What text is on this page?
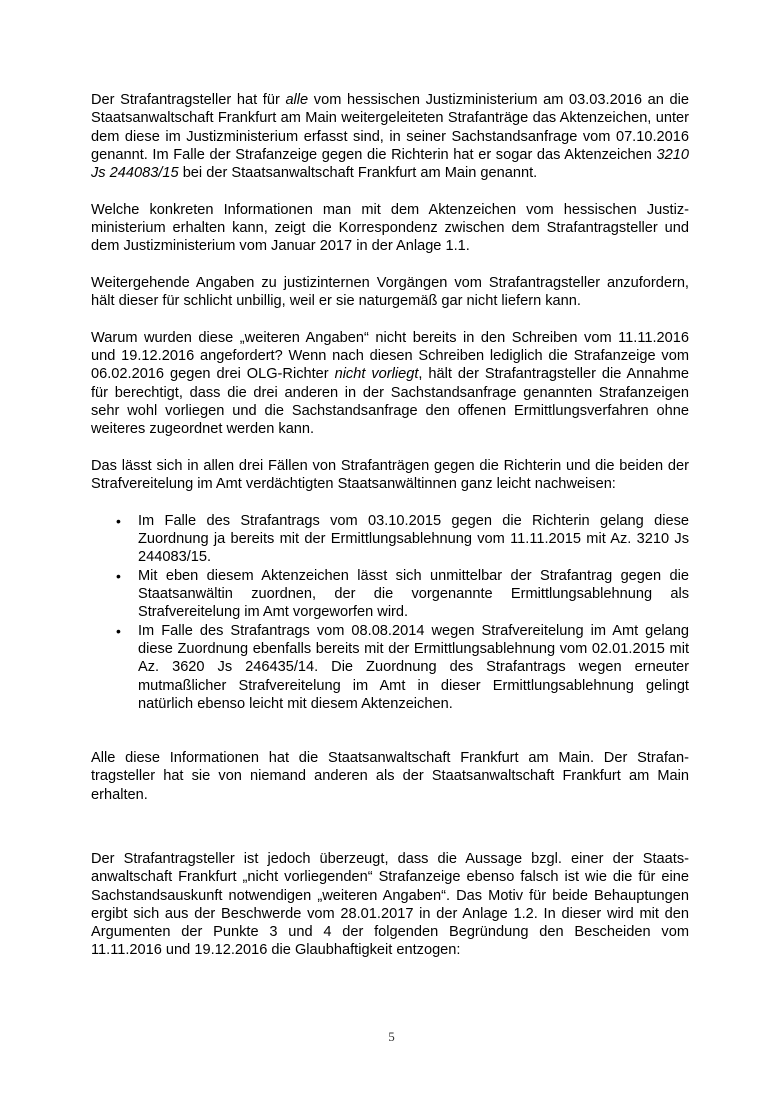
Der Strafantragsteller hat für alle vom hessischen Justizministerium am 03.03.2016 an die Staatsanwaltschaft Frankfurt am Main weitergeleiteten Strafanträge das Aktenzeichen, unter dem diese im Justizministerium erfasst sind, in seiner Sachstandsanfrage vom 07.10.2016 genannt. Im Falle der Strafanzeige gegen die Richterin hat er sogar das Aktenzeichen 3210 Js 244083/15 bei der Staatsanwaltschaft Frankfurt am Main genannt.

Welche konkreten Informationen man mit dem Aktenzeichen vom hessischen Justizministerium erhalten kann, zeigt die Korrespondenz zwischen dem Strafantragsteller und dem Justizministerium vom Januar 2017 in der Anlage 1.1.

Weitergehende Angaben zu justizinternen Vorgängen vom Strafantragsteller anzufordern, hält dieser für schlicht unbillig, weil er sie naturgemäß gar nicht liefern kann.

Warum wurden diese „weiteren Angaben“ nicht bereits in den Schreiben vom 11.11.2016 und 19.12.2016 angefordert? Wenn nach diesen Schreiben lediglich die Strafanzeige vom 06.02.2016 gegen drei OLG-Richter nicht vorliegt, hält der Strafantragsteller die Annahme für berechtigt, dass die drei anderen in der Sachstandsanfrage genannten Strafanzeigen sehr wohl vorliegen und die Sachstandsanfrage den offenen Ermittlungsverfahren ohne weiteres zugeordnet werden kann.

Das lässt sich in allen drei Fällen von Strafanträgen gegen die Richterin und die beiden der Strafvereitelung im Amt verdächtigten Staatsanwältinnen ganz leicht nachweisen:

• Im Falle des Strafantrags vom 03.10.2015 gegen die Richterin gelang diese Zuordnung ja bereits mit der Ermittlungsablehnung vom 11.11.2015 mit Az. 3210 Js 244083/15.
• Mit eben diesem Aktenzeichen lässt sich unmittelbar der Strafantrag gegen die Staatsanwältin zuordnen, der die vorgenannte Ermittlungsablehnung als Strafvereitelung im Amt vorgeworfen wird.
• Im Falle des Strafantrags vom 08.08.2014 wegen Strafvereitelung im Amt gelang diese Zuordnung ebenfalls bereits mit der Ermittlungsablehnung vom 02.01.2015 mit Az. 3620 Js 246435/14. Die Zuordnung des Strafantrags wegen erneuter mutmaßlicher Strafvereitelung im Amt in dieser Ermittlungsablehnung gelingt natürlich ebenso leicht mit diesem Aktenzeichen.

Alle diese Informationen hat die Staatsanwaltschaft Frankfurt am Main. Der Strafantragsteller hat sie von niemand anderen als der Staatsanwaltschaft Frankfurt am Main erhalten.

Der Strafantragsteller ist jedoch überzeugt, dass die Aussage bzgl. einer der Staatsanwaltschaft Frankfurt „nicht vorliegenden“ Strafanzeige ebenso falsch ist wie die für eine Sachstandsauskunft notwendigen „weiteren Angaben“. Das Motiv für beide Behauptungen ergibt sich aus der Beschwerde vom 28.01.2017 in der Anlage 1.2. In dieser wird mit den Argumenten der Punkte 3 und 4 der folgenden Begründung den Bescheiden vom 11.11.2016 und 19.12.2016 die Glaubhaftigkeit entzogen:

5
